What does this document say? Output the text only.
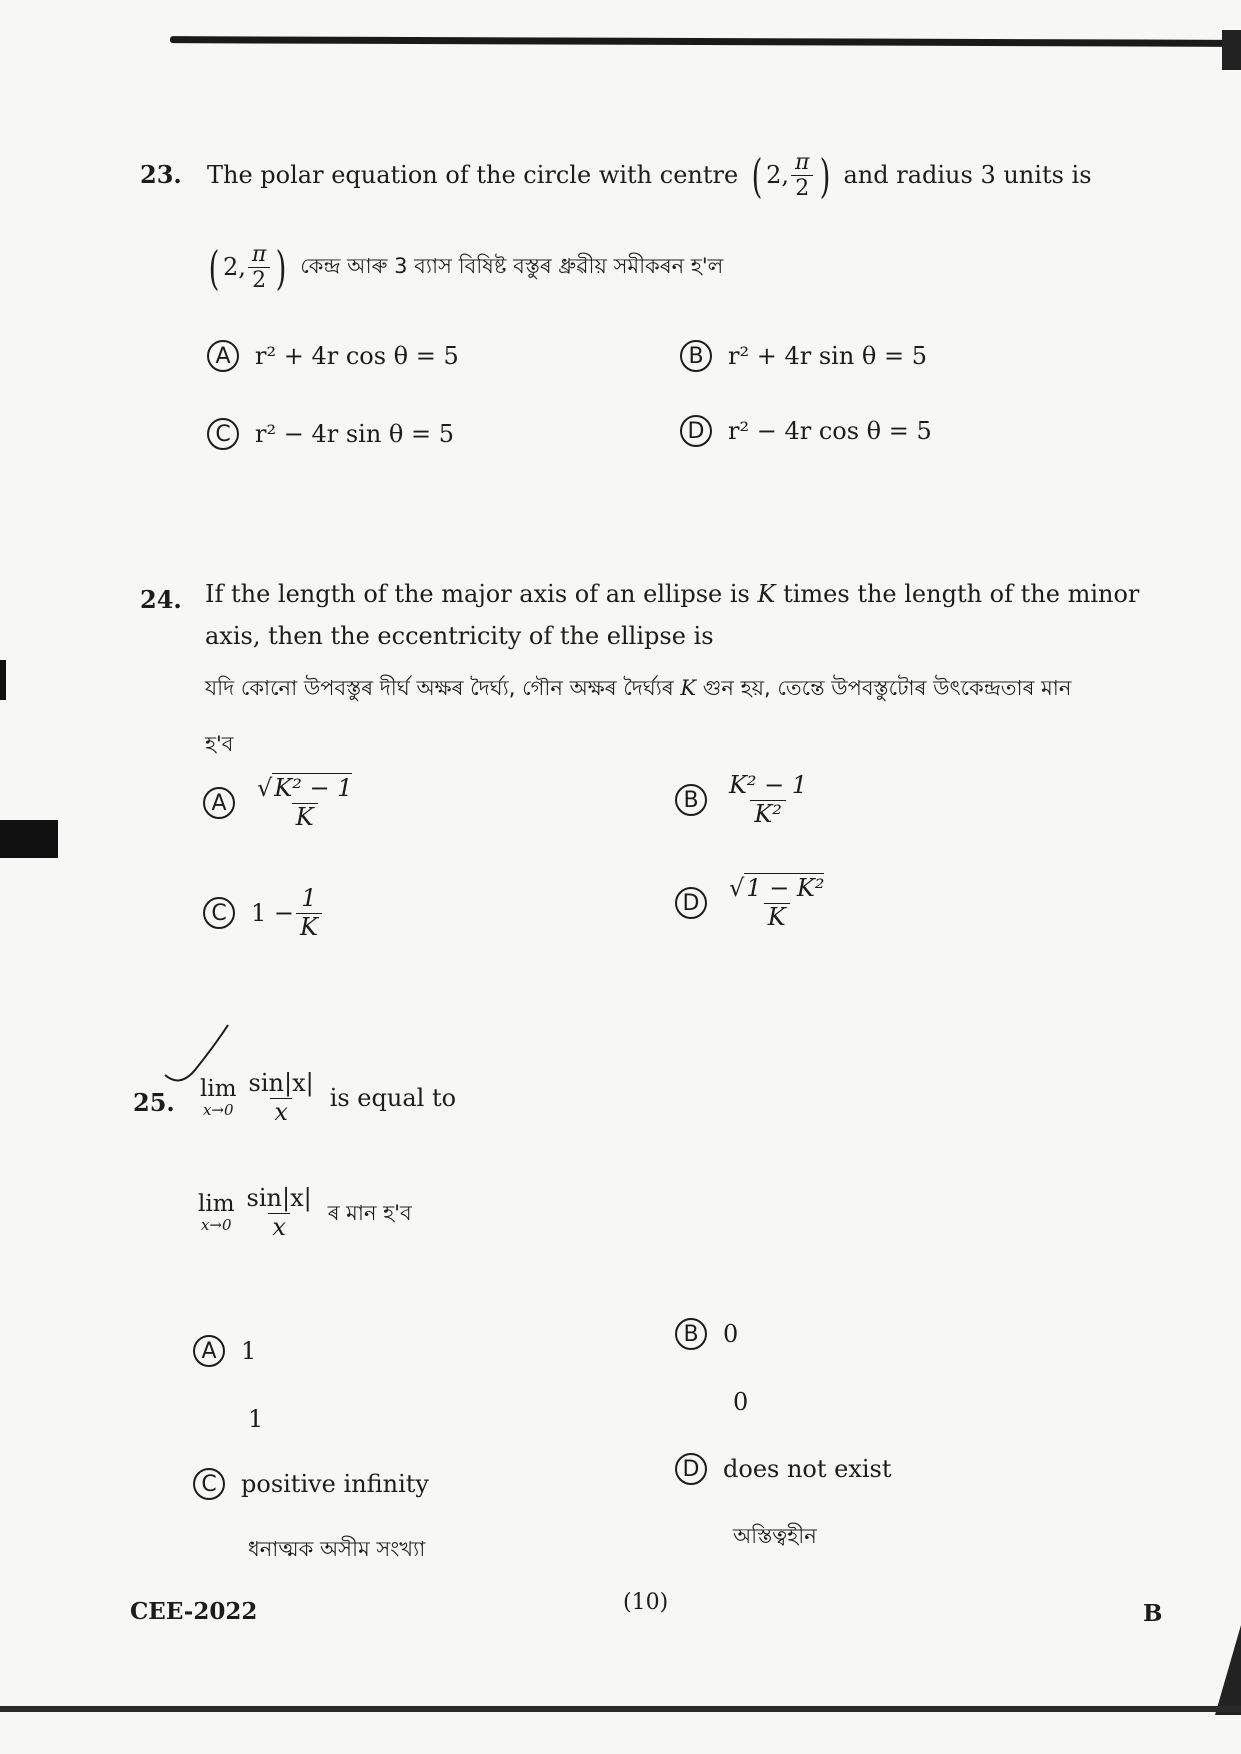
23. The polar equation of the circle with centre ( 2, $\frac{\pi}{2}$ ) and radius 3 units is
( 2, $\frac{\pi}{2}$ ) কেন্দ্ৰ আৰু 3 ব্যাস বিষিষ্ট বস্তুৰ ধ্ৰুৱীয় সমীকৰন হ'ল
A	r² + 4r cos θ = 5	B	r² + 4r sin θ = 5
C	r² − 4r sin θ = 5	D r² − 4r cos θ = 5
24. If the length of the major axis of an ellipse is K times the length of the minor
axis, then the eccentricity of the ellipse is
যদি কোনো উপবস্তুৰ দীৰ্ঘ অক্ষৰ দৈৰ্ঘ্য, গৌন অক্ষৰ দৈৰ্ঘ্যৰ K গুন হয়, তেন্তে উপবস্তুটোৰ উৎকেন্দ্ৰতাৰ মান
হ'ব
A	$\frac{\text{√K² − 1}}{K}$	B	$\frac{\text{K² − 1}}{\text{K²}}$
C	$1 - \frac{1}{K}$	D	$\frac{\text{√1 − K²}}{K}$
25. lim
$x\to 0 \frac{\sin|x|}{x}$ is equal to
lim
$x\to 0 \frac{\sin|x|}{x}$ ৰ মান হ'ব
A	1
1
B	0
0
C	positive infinity
ধনাত্মক অসীম সংখ্যা
D does not exist
অস্তিত্বহীন
CEE-2022	(10)	B
